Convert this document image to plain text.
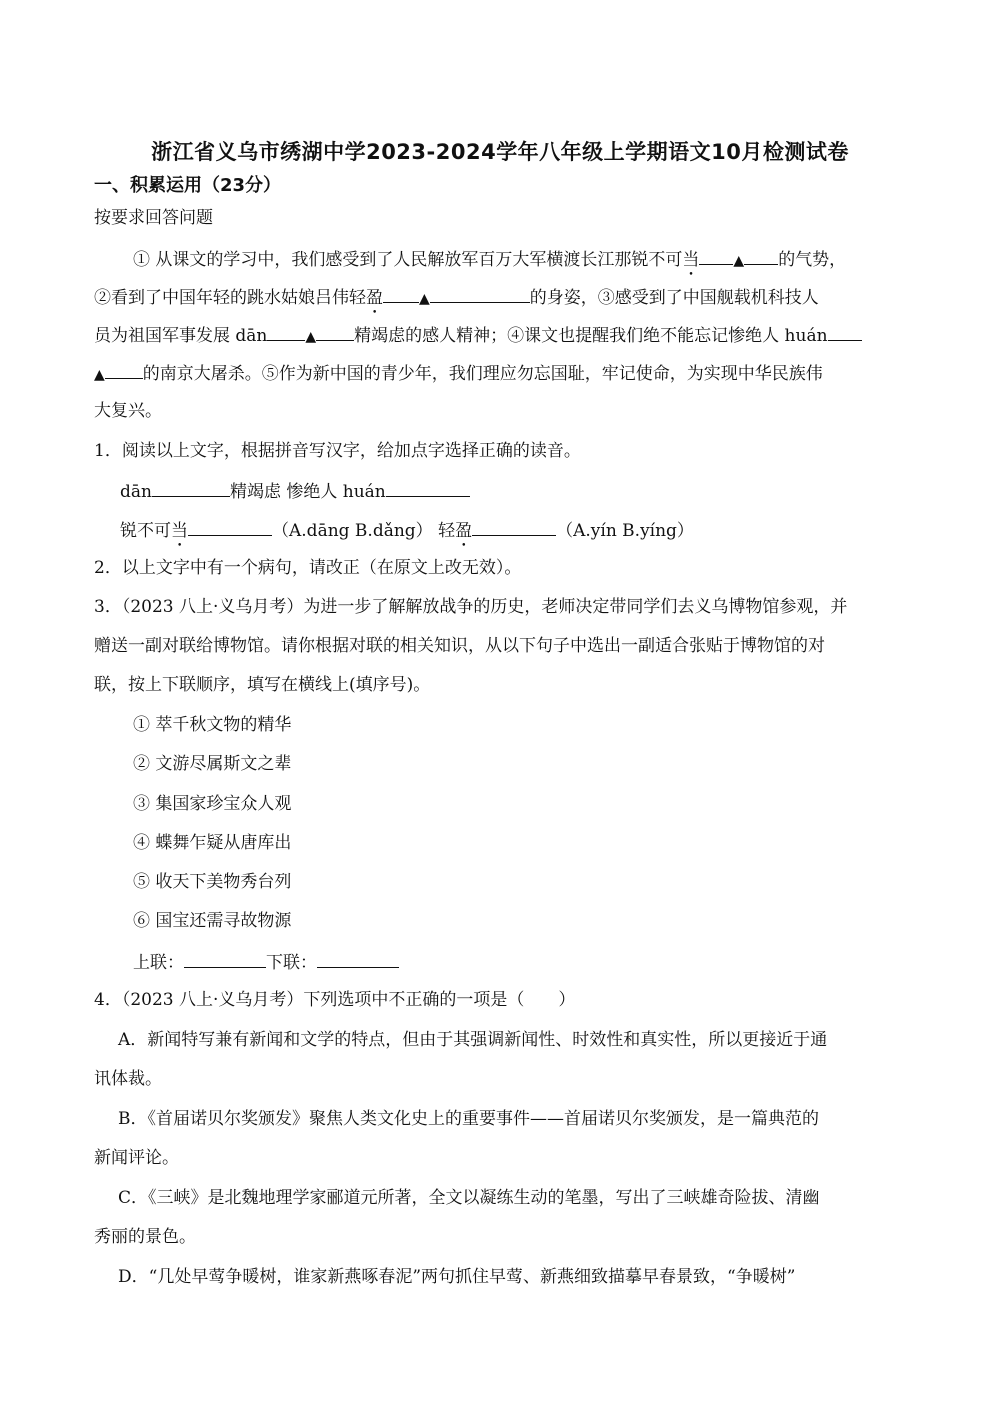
浙江省义乌市绣湖中学2023-2024学年八年级上学期语文10月检测试卷
一、积累运用（23分）
按要求回答问题
① 从课文的学习中，我们感受到了人民解放军百万大军横渡长江那锐不可当 ▲ 的气势，
②看到了中国年轻的跳水姑娘吕伟轻盈	▲	的身姿，③感受到了中国舰载机科技人
员为祖国军事发展 dān	▲ 精竭虑的感人精神；④课文也提醒我们绝不能忘记惨绝人 huán
▲ 的南京大屠杀。⑤作为新中国的青少年，我们理应勿忘国耻，牢记使命，为实现中华民族伟
大复兴。
1．阅读以上文字，根据拼音写汉字，给加点字选择正确的读音。
dān	精竭虑 惨绝人 huán
锐不可当	（A.dāng B.dǎng） 轻盈	（A.yín B.yíng）
2．以上文字中有一个病句，请改正（在原文上改无效）。
3．（2023 八上·义乌月考）为进一步了解解放战争的历史，老师决定带同学们去义乌博物馆参观，并
赠送一副对联给博物馆。请你根据对联的相关知识，从以下句子中选出一副适合张贴于博物馆的对
联，按上下联顺序，填写在横线上(填序号)。
① 萃千秋文物的精华
② 文游尽属斯文之辈
③ 集国家珍宝众人观
④ 蝶舞乍疑从唐库出
⑤ 收天下美物秀台列
⑥ 国宝还需寻故物源
上联：	下联：
4．（2023 八上·义乌月考）下列选项中不正确的一项是（　　）
A．新闻特写兼有新闻和文学的特点，但由于其强调新闻性、时效性和真实性，所以更接近于通
讯体裁。
B．《首届诺贝尔奖颁发》聚焦人类文化史上的重要事件——首届诺贝尔奖颁发，是一篇典范的
新闻评论。
C．《三峡》是北魏地理学家郦道元所著，全文以凝练生动的笔墨，写出了三峡雄奇险拔、清幽
秀丽的景色。
D．“几处早莺争暖树，谁家新燕啄春泥”两句抓住早莺、新燕细致描摹早春景致，“争暖树”
